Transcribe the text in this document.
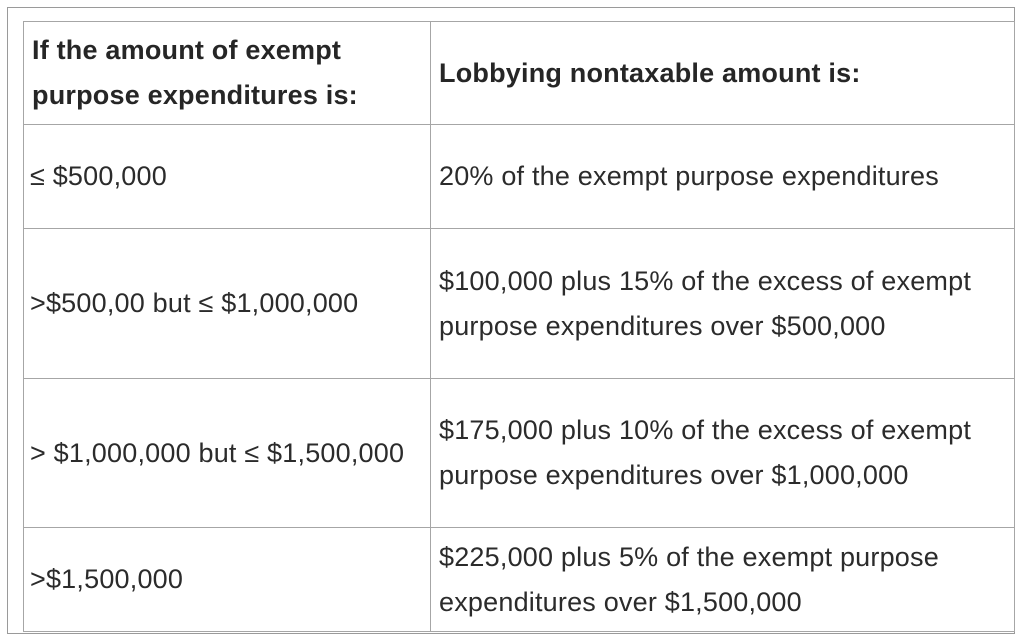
If the amount of exempt purpose expenditures is:	Lobbying nontaxable amount is:
≤ $500,000	20% of the exempt purpose expenditures
>$500,00 but ≤ $1,000,000	$100,000 plus 15% of the excess of exempt purpose expenditures over $500,000
> $1,000,000 but ≤ $1,500,000	$175,000 plus 10% of the excess of exempt purpose expenditures over $1,000,000
>$1,500,000	$225,000 plus 5% of the exempt purpose expenditures over $1,500,000
